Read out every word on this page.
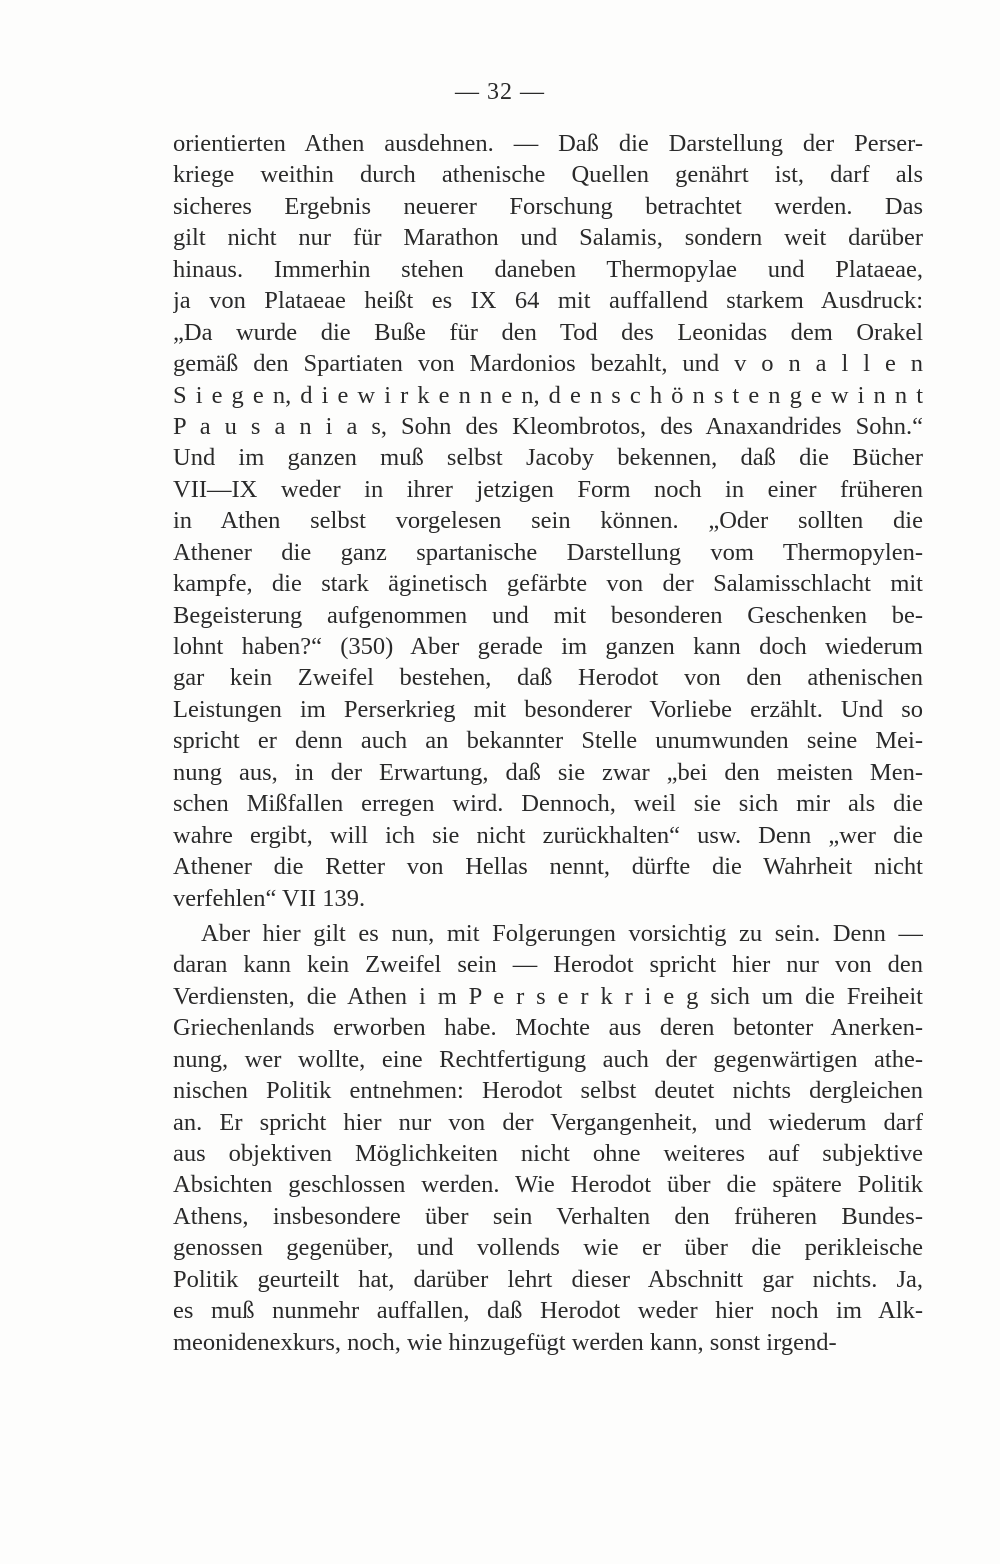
— 32 —
orientierten Athen ausdehnen. — Daß die Darstellung der Perser-
kriege weithin durch athenische Quellen genährt ist, darf als
sicheres Ergebnis neuerer Forschung betrachtet werden. Das
gilt nicht nur für Marathon und Salamis, sondern weit darüber
hinaus. Immerhin stehen daneben Thermopylae und Plataeae,
ja von Plataeae heißt es IX 64 mit auffallend starkem Ausdruck:
„Da wurde die Buße für den Tod des Leonidas dem Orakel
gemäß den Spartiaten von Mardonios bezahlt, und v o n a l l e n
S i e g e n, d i e w i r k e n n e n, d e n s c h ö n s t e n g e w i n n t
P a u s a n i a s, Sohn des Kleombrotos, des Anaxandrides Sohn.“
Und im ganzen muß selbst Jacoby bekennen, daß die Bücher
VII—IX weder in ihrer jetzigen Form noch in einer früheren
in Athen selbst vorgelesen sein können. „Oder sollten die
Athener die ganz spartanische Darstellung vom Thermopylen-
kampfe, die stark äginetisch gefärbte von der Salamisschlacht mit
Begeisterung aufgenommen und mit besonderen Geschenken be-
lohnt haben?“ (350) Aber gerade im ganzen kann doch wiederum
gar kein Zweifel bestehen, daß Herodot von den athenischen
Leistungen im Perserkrieg mit besonderer Vorliebe erzählt. Und so
spricht er denn auch an bekannter Stelle unumwunden seine Mei-
nung aus, in der Erwartung, daß sie zwar „bei den meisten Men-
schen Mißfallen erregen wird. Dennoch, weil sie sich mir als die
wahre ergibt, will ich sie nicht zurückhalten“ usw. Denn „wer die
Athener die Retter von Hellas nennt, dürfte die Wahrheit nicht
verfehlen“ VII 139.
Aber hier gilt es nun, mit Folgerungen vorsichtig zu sein. Denn —
daran kann kein Zweifel sein — Herodot spricht hier nur von den
Verdiensten, die Athen i m P e r s e r k r i e g sich um die Freiheit
Griechenlands erworben habe. Mochte aus deren betonter Anerken-
nung, wer wollte, eine Rechtfertigung auch der gegenwärtigen athe-
nischen Politik entnehmen: Herodot selbst deutet nichts dergleichen
an. Er spricht hier nur von der Vergangenheit, und wiederum darf
aus objektiven Möglichkeiten nicht ohne weiteres auf subjektive
Absichten geschlossen werden. Wie Herodot über die spätere Politik
Athens, insbesondere über sein Verhalten den früheren Bundes-
genossen gegenüber, und vollends wie er über die perikleische
Politik geurteilt hat, darüber lehrt dieser Abschnitt gar nichts. Ja,
es muß nunmehr auffallen, daß Herodot weder hier noch im Alk-
meonidenexkurs, noch, wie hinzugefügt werden kann, sonst irgend-
